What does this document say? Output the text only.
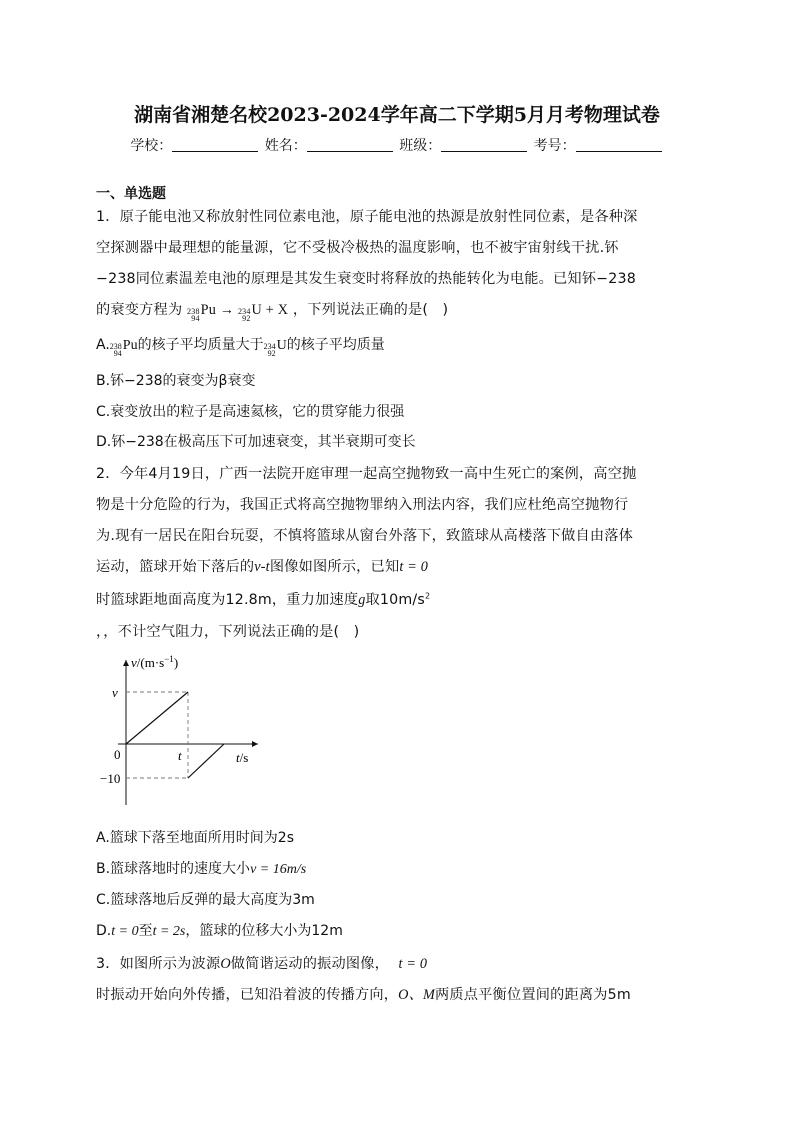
湖南省湘楚名校2023-2024学年高二下学期5月月考物理试卷
学校：	姓名：	班级：	考号：
一、单选题
1．原子能电池又称放射性同位素电池，原子能电池的热源是放射性同位素，是各种深
空探测器中最理想的能量源，它不受极冷极热的温度影响，也不被宇宙射线干扰.钚
−238同位素温差电池的原理是其发生衰变时将释放的热能转化为电能。已知钚−238
的衰变方程为 238
94
Pu
→
234
92
U + X ，下列说法正确的是(　)
A. 238
94
Pu 的核子平均质量大于 234
92
U 的核子平均质量
B.钚−238的衰变为β衰变
C.衰变放出的粒子是高速氦核，它的贯穿能力很强
D.钚−238在极高压下可加速衰变，其半衰期可变长
2．今年4月19日，广西一法院开庭审理一起高空抛物致一高中生死亡的案例，高空抛
物是十分危险的行为，我国正式将高空抛物罪纳入刑法内容，我们应杜绝高空抛物行
为.现有一居民在阳台玩耍，不慎将篮球从窗台外落下，致篮球从高楼落下做自由落体
运动，篮球开始下落后的v-t图像如图所示，已知t = 0
时篮球距地面高度为12.8m，重力加速度g取$10m/s^2$
，，不计空气阻力，下列说法正确的是(　)
$v/(m\cdot s^{-1})$
t/s
v
t
−10
0
A.篮球下落至地面所用时间为2s
B.篮球落地时的速度大小v = 16m/s
C.篮球落地后反弹的最大高度为3m
D.t = 0至t = 2s，篮球的位移大小为12m
3．如图所示为波源O做简谐运动的振动图像， t = 0
时振动开始向外传播，已知沿着波的传播方向，O、M两质点平衡位置间的距离为5m
